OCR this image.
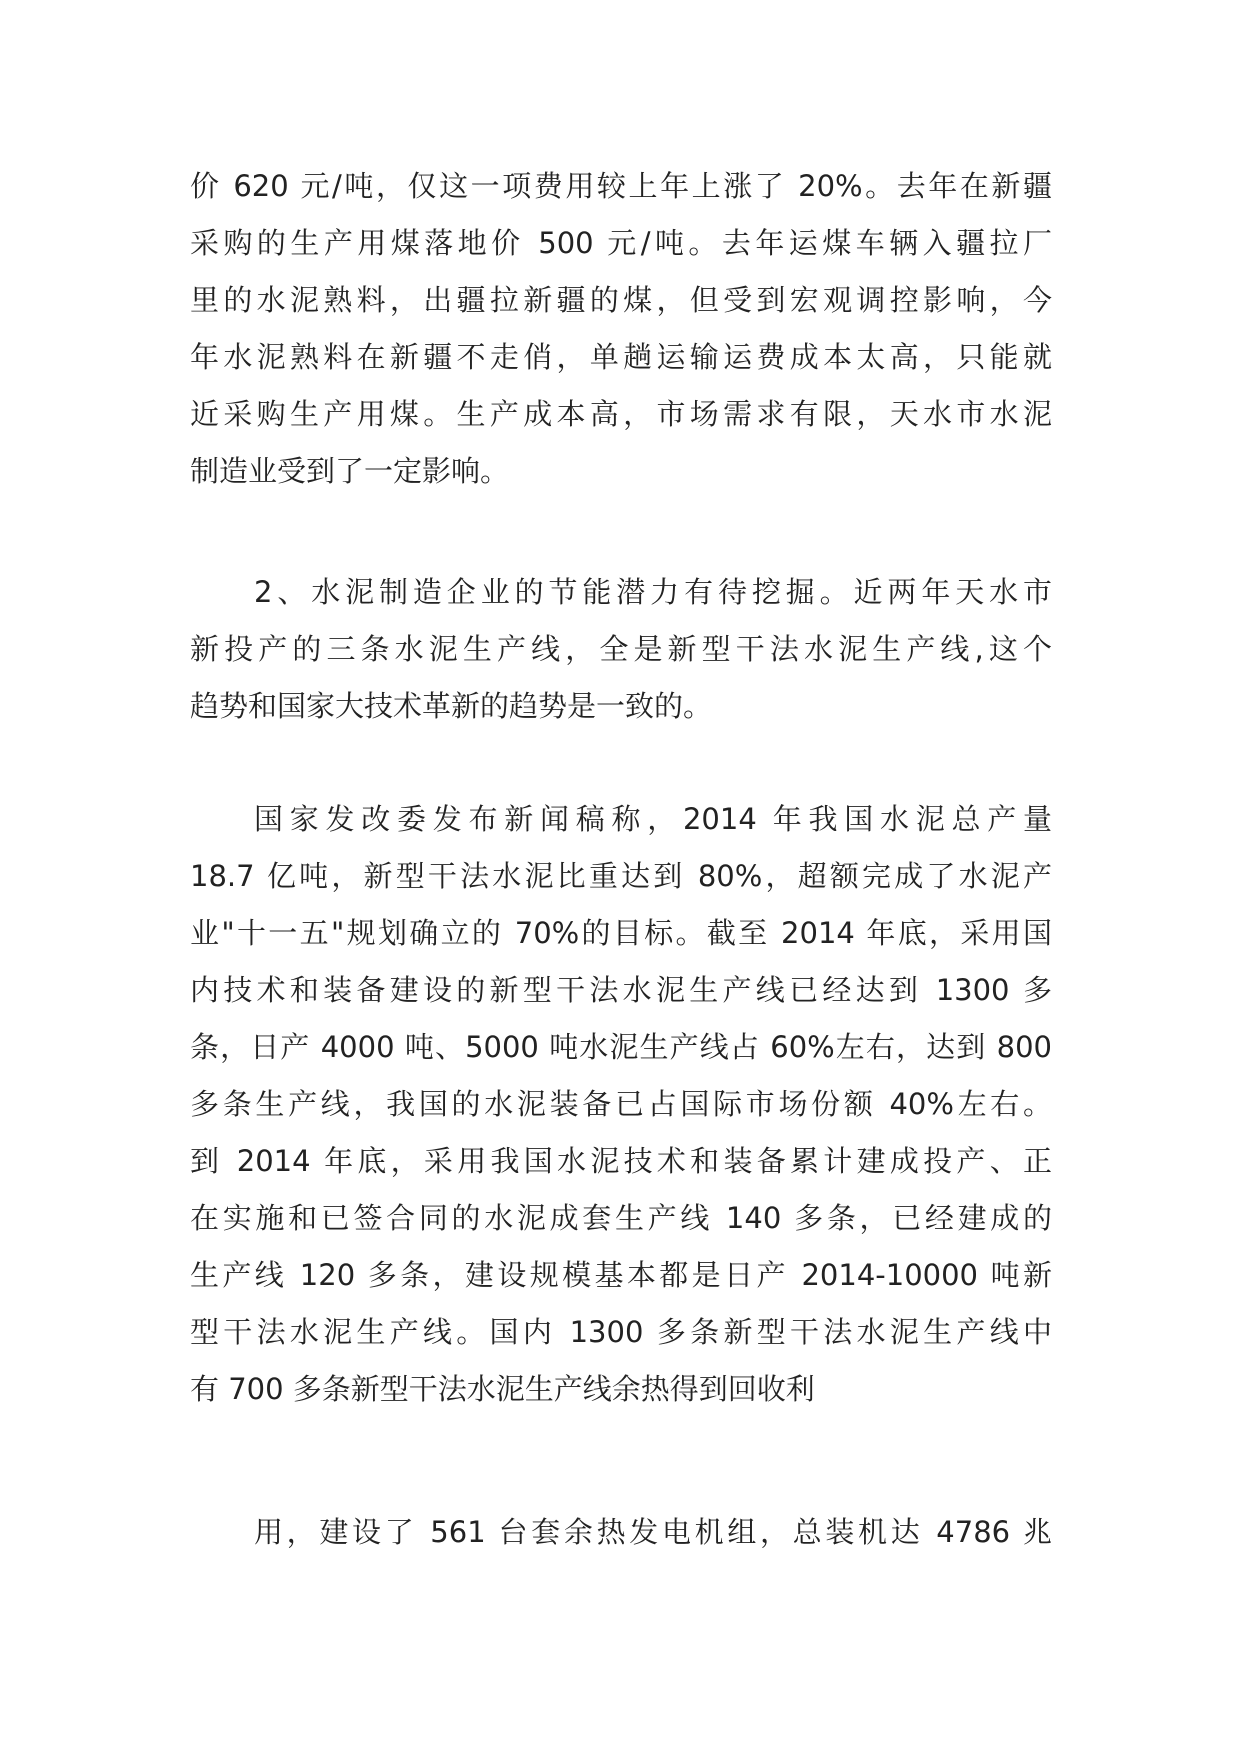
价 620 元/吨，仅这一项费用较上年上涨了 20%。去年在新疆
采购的生产用煤落地价 500 元/吨。去年运煤车辆入疆拉厂
里的水泥熟料，出疆拉新疆的煤，但受到宏观调控影响，今
年水泥熟料在新疆不走俏，单趟运输运费成本太高，只能就
近采购生产用煤。生产成本高，市场需求有限，天水市水泥
制造业受到了一定影响。
2、水泥制造企业的节能潜力有待挖掘。近两年天水市
新投产的三条水泥生产线，全是新型干法水泥生产线,这个
趋势和国家大技术革新的趋势是一致的。
国家发改委发布新闻稿称，2014 年我国水泥总产量
18.7 亿吨，新型干法水泥比重达到 80%，超额完成了水泥产
业"十一五"规划确立的 70%的目标。截至 2014 年底，采用国
内技术和装备建设的新型干法水泥生产线已经达到 1300 多
条，日产 4000 吨、5000 吨水泥生产线占 60%左右，达到 800
多条生产线，我国的水泥装备已占国际市场份额 40%左右。
到 2014 年底，采用我国水泥技术和装备累计建成投产、正
在实施和已签合同的水泥成套生产线 140 多条，已经建成的
生产线 120 多条，建设规模基本都是日产 2014-10000 吨新
型干法水泥生产线。国内 1300 多条新型干法水泥生产线中
有 700 多条新型干法水泥生产线余热得到回收利
用，建设了 561 台套余热发电机组，总装机达 4786 兆
